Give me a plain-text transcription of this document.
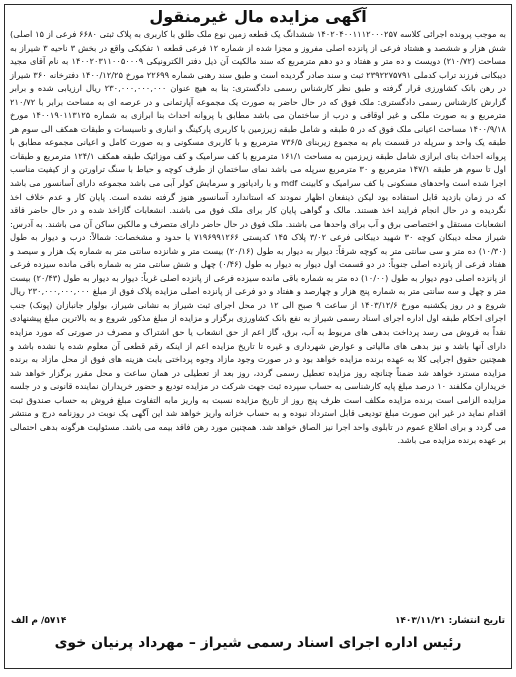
آگهی مزایده مال غیرمنقول

به موجب پرونده اجرائی کلاسه ۱۴۰۲۰۴۰۰۱۱۱۲۰۰۰۲۵۷ ششدانگ یک قطعه زمین نوع ملک طلق با کاربری به پلاک ثبتی ۶۶۸۰ فرعی از ۱۵ اصلی) شش هزار و ششصد و هشتاد فرعی از پانزده اصلی مفروز و مجزا شده از شماره ۱۲ فرعی قطعه ۱ تفکیکی واقع در بخش ۳ ناحیه ۳ شیراز به مساحت (۲۱۰/۷۲) دویست و ده متر و هفتاد و دو دهم مترمربع که سند مالکیت آن ذیل دفتر الکترونیکی ۱۴۰۰۲۰۳۱۱۰۰۵۰۰۰۹ به نام آقای مجید دیبکانی فرزند تراب کدملی ۲۳۹۲۲۷۵۷۹۱ ثبت و سند صادر گردیده است و طبق سند رهنی شماره ۲۲۶۹۹ مورخ ۱۴۰۰/۱۲/۲۵ دفترخانه ۳۶۰ شیراز در رهن بانک کشاورزی قرار گرفته و طبق نظر کارشناس رسمی دادگستری: بنا به هیچ عنوان ۲۳۰,۰۰۰,۰۰۰,۰۰۰ ریال ارزیابی شده و برابر گزارش کارشناس رسمی دادگستری: ملک فوق که در حال حاضر به صورت یک مجموعه آپارتمانی و در عرصه ای به مساحت برابر با ۲۱۰/۷۲ مترمربع و به صورت ملکی و غیر اوقافی و درب از ساختمان می باشد مطابق با پروانه احداث بنا ابرازی به شماره ۱۴۰۰۱۹۰۱۱۳۱۲۵ مورخ ۱۴۰۰/۹/۱۸ مساحت اعیانی ملک فوق که در ۵ طبقه و شامل طبقه زیرزمین با کاربری پارکینگ و انباری و تاسیسات و طبقات همکف الی سوم هر طبقه یک واحد و سرپله در قسمت بام به مجموع زیربنای ۷۳۶/۵ مترمربع و با کاربری مسکونی و به صورت کامل و اعیانی مجموعه مطابق با پروانه احداث بنای ابرازی شامل طبقه زیرزمین به مساحت ۱۶۱/۱ مترمربع با کف سرامیک و کف موزائیک طبقه همکف ۱۲۴/۱ مترمربع و طبقات اول تا سوم هر طبقه ۱۴۷/۱ مترمربع و ۳۰ مترمربع سرپله می باشد نمای ساختمان از طرف کوچه و حیاط با سنگ تراورتن و از کیفیت مناسب اجرا شده است واحدهای مسکونی با کف سرامیک و کابینت mdf و با رادیاتور و سرمایش کولر آبی می باشد مجموعه دارای آسانسور می باشد که در زمان بازدید قابل استفاده بود لیکن ذینفعان اظهار نمودند که استاندارد آسانسور هنوز گرفته نشده است. پایان کار و عدم خلاف اخذ نگردیده و در حال انجام فرایند اخذ هستند. مالک و گواهی پایان کار برای ملک فوق می باشند. انشعابات گازاخذ شده و در حال حاضر فاقد انشعابات مستقل و اختصاصی برق و آب برای واحدها می باشند. ملک فوق در حال حاضر دارای متصرف و مالکین ساکن آن می باشند. به آدرس: شیراز محله دیبکان کوچه ۳۰ شهید دیبکانی فرعی ۳/۰۲ پلاک ۱۴۵ کدپستی ۷۱۹۶۹۹۱۲۶۶ با حدود و مشخصات: شمالاً: درب و دیوار به طول (۱۰/۳۰) ده متر و سی سانتی متر به کوچه شرقاً: دیوار به دیوار به طول (۲۰/۱۶) بیست متر و شانزده سانتی متر به شماره یک هزار و سیصد و هفتاد فرعی از پانزده اصلی جنوباً: در دو قسمت اول دیوار به دیوار به طول (۰/۴۶) چهل و شش سانتی متر به شماره باقی مانده سیزده فرعی از پانزده اصلی دوم دیوار به طول (۱۰/۰۰) ده متر به شماره باقی مانده سیزده فرعی از پانزده اصلی غرباً: دیوار به دیوار به طول (۲۰/۴۳) بیست متر و چهل و سه سانتی متر به شماره پنج هزار و چهارصد و هفتاد و دو فرعی از پانزده اصلی مزایده پلاک فوق از مبلغ ۲۳۰,۰۰۰,۰۰۰,۰۰۰ ریال شروع و در روز یکشنبه مورخ ۱۴۰۳/۱۲/۶ از ساعت ۹ صبح الی ۱۲ در محل اجرای ثبت شیراز به نشانی شیراز، بولوار جانبازان (پونک) جنب اجرای احکام طبقه اول اداره اجرای اسناد رسمی شیراز به نفع بانک کشاورزی برگزار و مزایده از مبلغ مذکور شروع و به بالاترین مبلغ پیشنهادی نقداً به فروش می رسد پرداخت بدهی های مربوط به آب، برق، گاز اعم از حق انشعاب یا حق اشتراک و مصرف در صورتی که مورد مزایده دارای آنها باشد و نیز بدهی های مالیاتی و عوارض شهرداری و غیره تا تاریخ مزایده اعم از اینکه رقم قطعی آن معلوم شده یا نشده باشد و همچنین حقوق اجرایی کلا به عهده برنده مزایده خواهد بود و در صورت وجود مازاد وجوه پرداختی بابت هزینه های فوق از محل مازاد به برنده مزایده مسترد خواهد شد ضمناً چنانچه روز مزایده تعطیل رسمی گردد، روز بعد از تعطیلی در همان ساعت و محل مقرر برگزار خواهد شد خریداران مکلفند ۱۰ درصد مبلغ پایه کارشناسی به حساب سپرده ثبت جهت شرکت در مزایده تودیع و حضور خریداران نماینده قانونی و در جلسه مزایده الزامی است برنده مزایده مکلف است ظرف پنج روز از تاریخ مزایده نسبت به واریز مابه التفاوت مبلغ فروش به حساب صندوق ثبت اقدام نماید در غیر این صورت مبلغ تودیعی قابل استرداد نبوده و به حساب خزانه واریز خواهد شد این آگهی یک نوبت در روزنامه درج و منتشر می گردد و برای اطلاع عموم در تابلوی واحد اجرا نیز الصاق خواهد شد. همچنین مورد رهن فاقد بیمه می باشد. مسئولیت هرگونه بدهی احتمالی بر عهده برنده مزایده می باشد.

تاریخ انتشار: ۱۴۰۳/۱۱/۲۱
۵۷۱۴/ م الف
رئیس اداره اجرای اسناد رسمی شیراز – مهرداد پرنیان خوی
